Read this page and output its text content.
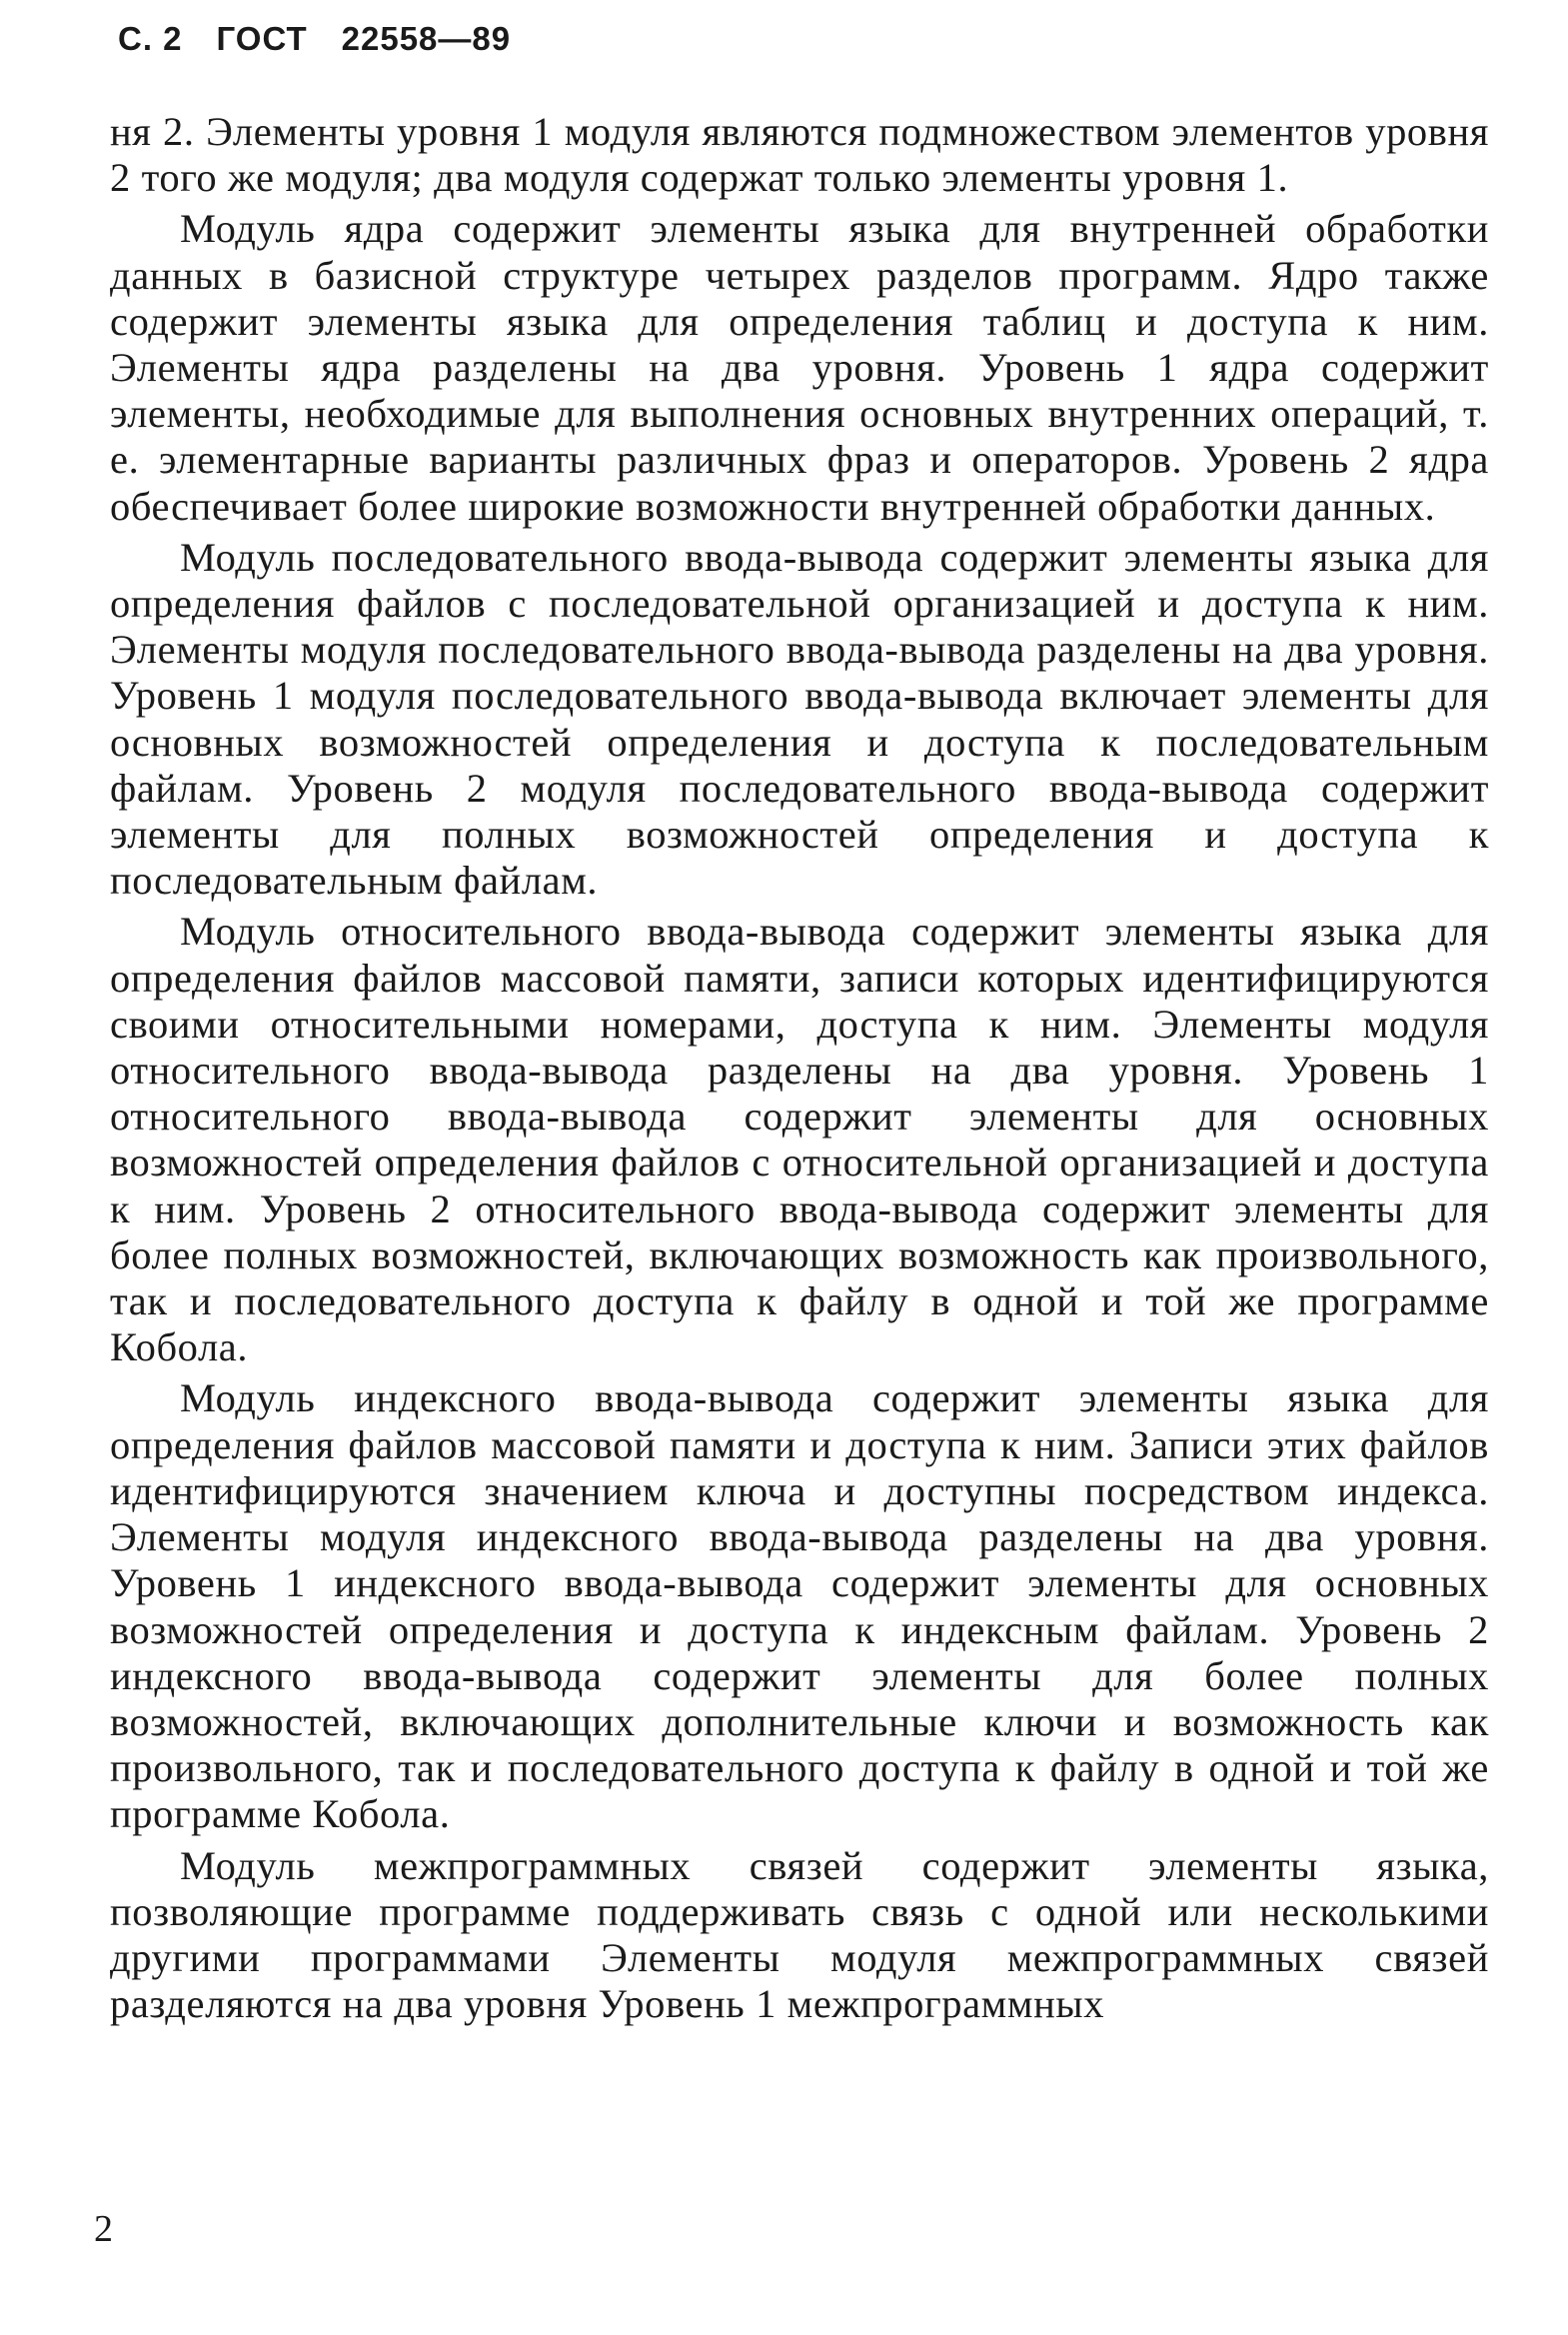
С. 2 ГОСТ 22558—89

ня 2. Элементы уровня 1 модуля являются подмножеством элементов уровня 2 того же модуля; два модуля содержат только элементы уровня 1.

Модуль ядра содержит элементы языка для внутренней обработки данных в базисной структуре четырех разделов программ. Ядро также содержит элементы языка для определения таблиц и доступа к ним. Элементы ядра разделены на два уровня. Уровень 1 ядра содержит элементы, необходимые для выполнения основных внутренних операций, т. е. элементарные варианты различных фраз и операторов. Уровень 2 ядра обеспечивает более широкие возможности внутренней обработки данных.

Модуль последовательного ввода-вывода содержит элементы языка для определения файлов с последовательной организацией и доступа к ним. Элементы модуля последовательного ввода-вывода разделены на два уровня. Уровень 1 модуля последовательного ввода-вывода включает элементы для основных возможностей определения и доступа к последовательным файлам. Уровень 2 модуля последовательного ввода-вывода содержит элементы для полных возможностей определения и доступа к последовательным файлам.

Модуль относительного ввода-вывода содержит элементы языка для определения файлов массовой памяти, записи которых идентифицируются своими относительными номерами, доступа к ним. Элементы модуля относительного ввода-вывода разделены на два уровня. Уровень 1 относительного ввода-вывода содержит элементы для основных возможностей определения файлов с относительной организацией и доступа к ним. Уровень 2 относительного ввода-вывода содержит элементы для более полных возможностей, включающих возможность как произвольного, так и последовательного доступа к файлу в одной и той же программе Кобола.

Модуль индексного ввода-вывода содержит элементы языка для определения файлов массовой памяти и доступа к ним. Записи этих файлов идентифицируются значением ключа и доступны посредством индекса. Элементы модуля индексного ввода-вывода разделены на два уровня. Уровень 1 индексного ввода-вывода содержит элементы для основных возможностей определения и доступа к индексным файлам. Уровень 2 индексного ввода-вывода содержит элементы для более полных возможностей, включающих дополнительные ключи и возможность как произвольного, так и последовательного доступа к файлу в одной и той же программе Кобола.

Модуль межпрограммных связей содержит элементы языка, позволяющие программе поддерживать связь с одной или несколькими другими программами Элементы модуля межпрограммных связей разделяются на два уровня Уровень 1 межпрограммных

2
